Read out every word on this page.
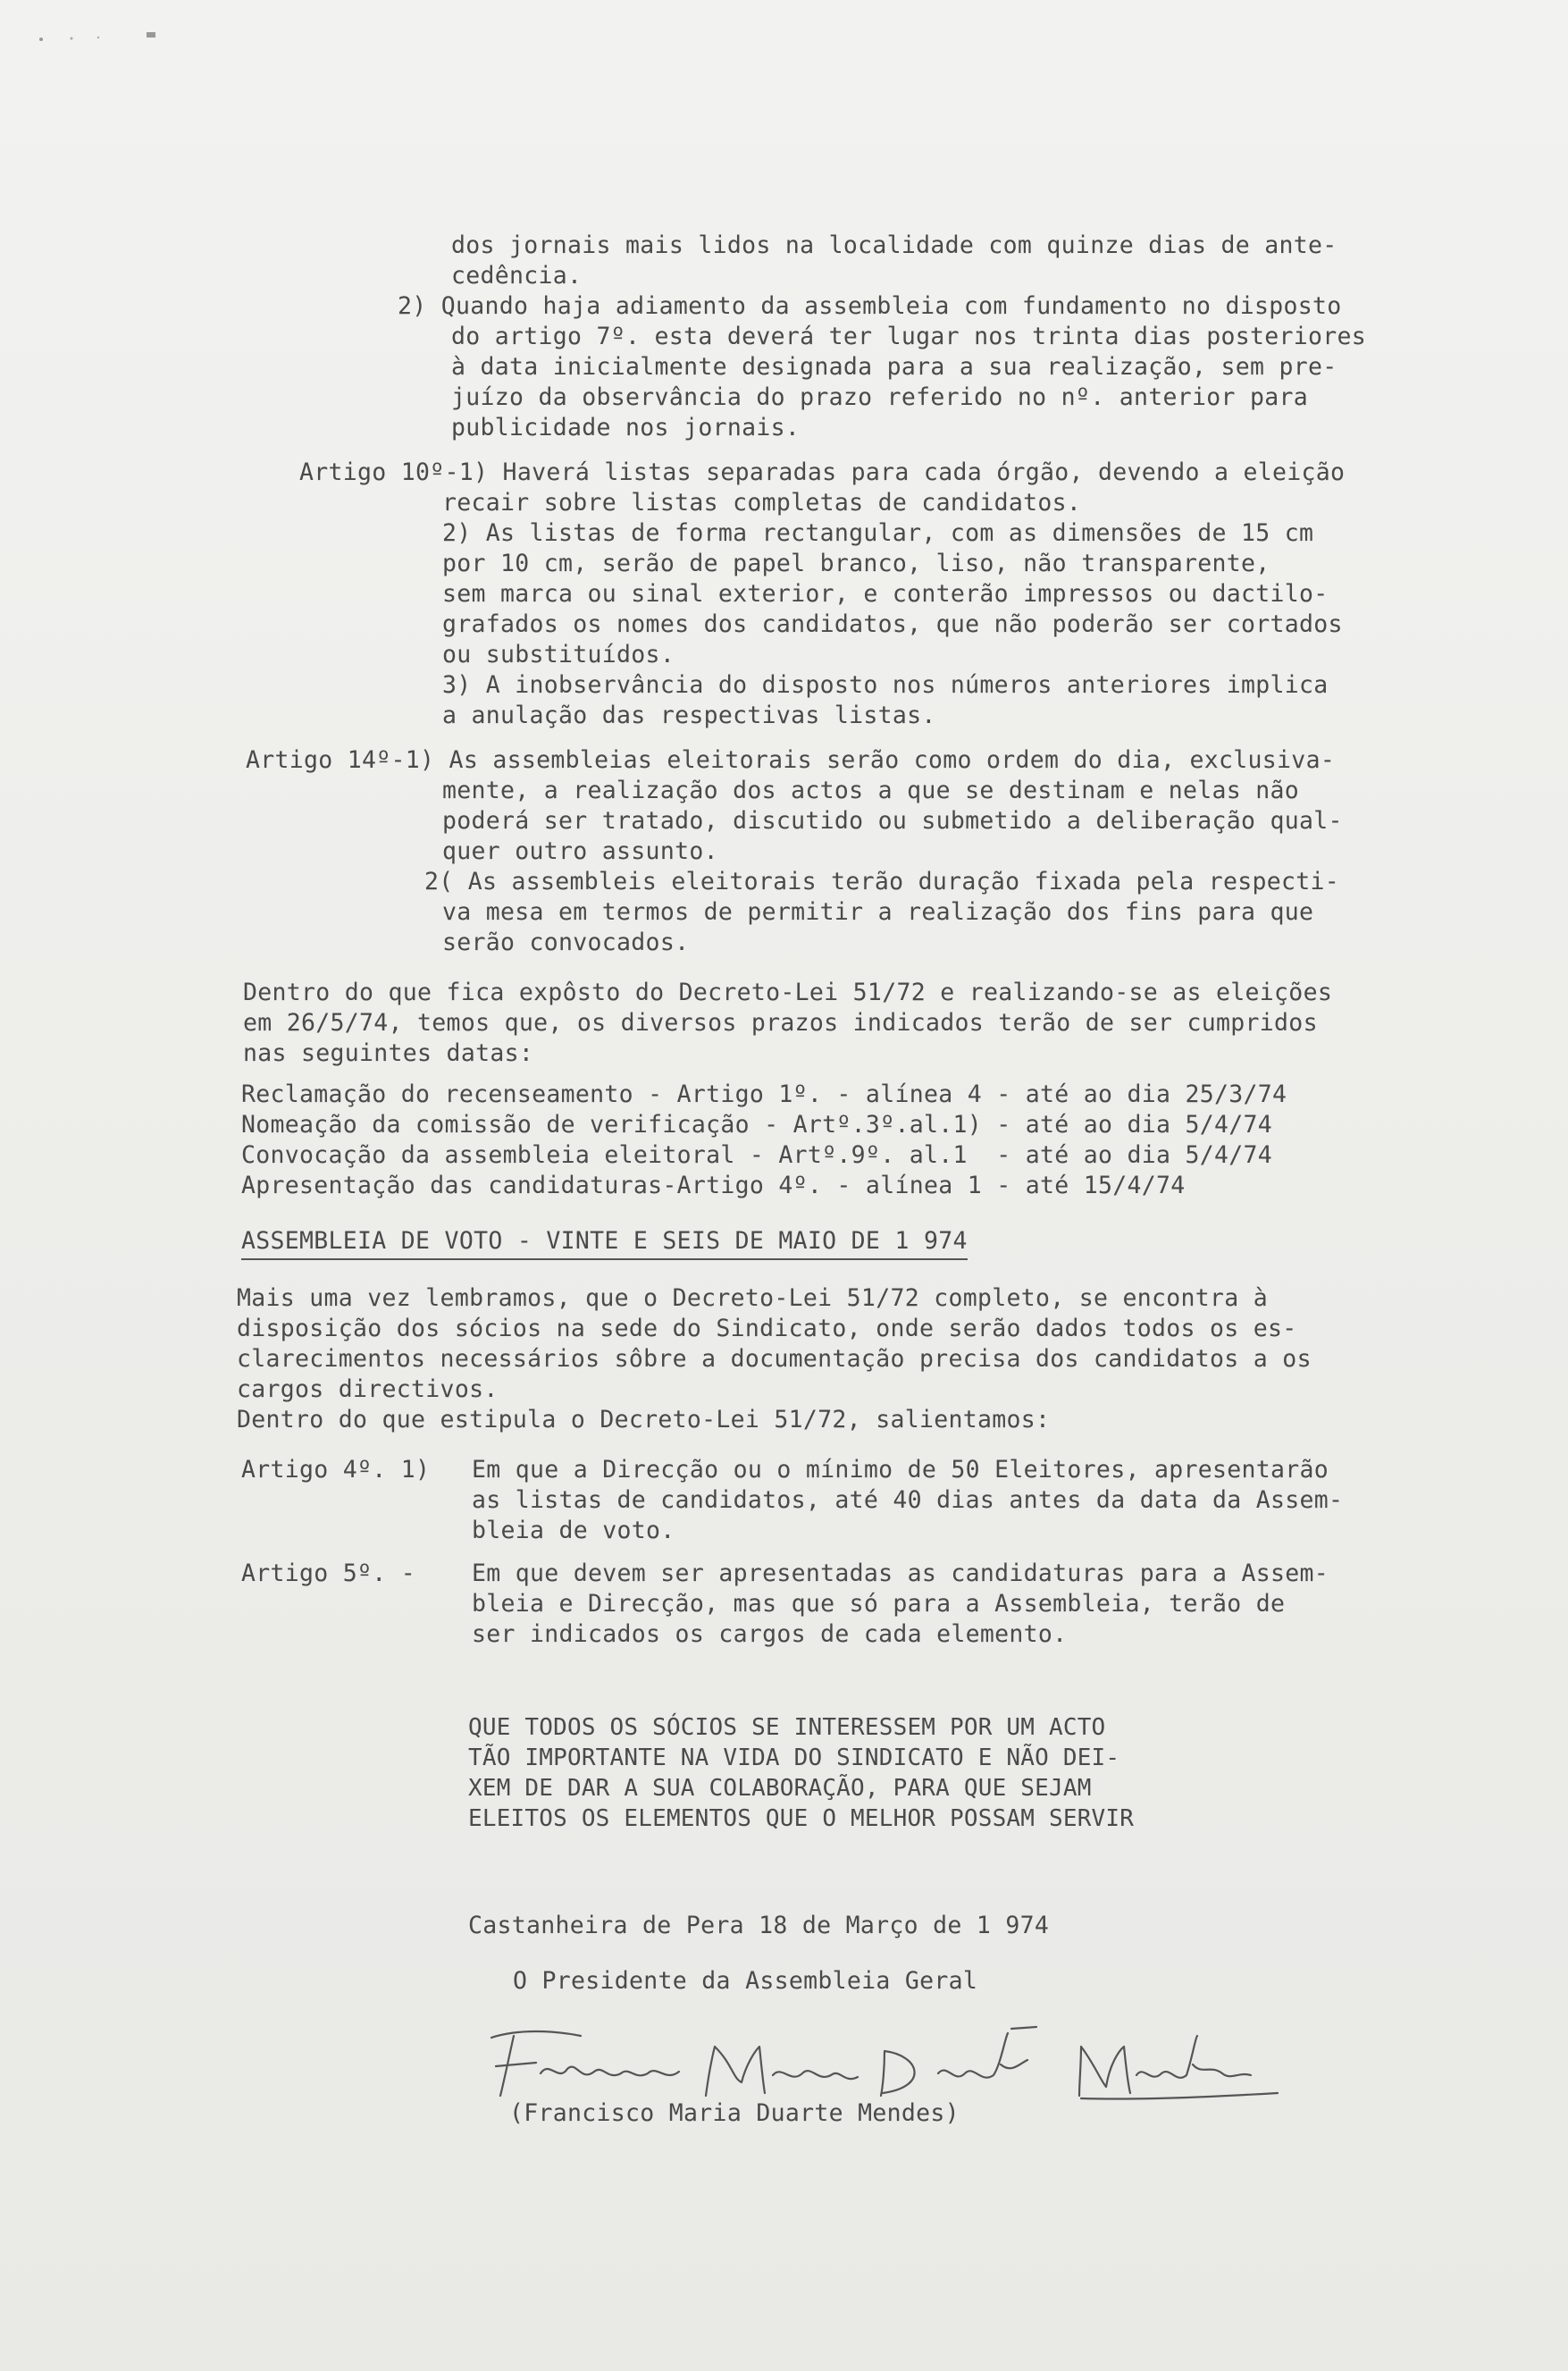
dos jornais mais lidos na localidade com quinze dias de ante-

cedência.

2) Quando haja adiamento da assembleia com fundamento no disposto

do artigo 7º. esta deverá ter lugar nos trinta dias posteriores

à data inicialmente designada para a sua realização, sem pre-

juízo da observância do prazo referido no nº. anterior para

publicidade nos jornais.

Artigo 10º-1) Haverá listas separadas para cada órgão, devendo a eleição

recair sobre listas completas de candidatos.

2) As listas de forma rectangular, com as dimensões de 15 cm

por 10 cm, serão de papel branco, liso, não transparente,

sem marca ou sinal exterior, e conterão impressos ou dactilo-

grafados os nomes dos candidatos, que não poderão ser cortados

ou substituídos.

3) A inobservância do disposto nos números anteriores implica

a anulação das respectivas listas.

Artigo 14º-1) As assembleias eleitorais serão como ordem do dia, exclusiva-

mente, a realização dos actos a que se destinam e nelas não

poderá ser tratado, discutido ou submetido a deliberação qual-

quer outro assunto.

2( As assembleis eleitorais terão duração fixada pela respecti-

va mesa em termos de permitir a realização dos fins para que

serão convocados.

Dentro do que fica expôsto do Decreto-Lei 51/72 e realizando-se as eleições

em 26/5/74, temos que, os diversos prazos indicados terão de ser cumpridos

nas seguintes datas:

Reclamação do recenseamento - Artigo 1º. - alínea 4 - até ao dia 25/3/74

Nomeação da comissão de verificação - Artº.3º.al.1) - até ao dia 5/4/74

Convocação da assembleia eleitoral - Artº.9º. al.1  - até ao dia 5/4/74

Apresentação das candidaturas-Artigo 4º. - alínea 1 - até 15/4/74

ASSEMBLEIA DE VOTO - VINTE E SEIS DE MAIO DE 1 974

Mais uma vez lembramos, que o Decreto-Lei 51/72 completo, se encontra à

disposição dos sócios na sede do Sindicato, onde serão dados todos os es-

clarecimentos necessários sôbre a documentação precisa dos candidatos a os

cargos directivos.

Dentro do que estipula o Decreto-Lei 51/72, salientamos:

Artigo 4º. 1) Em que a Direcção ou o mínimo de 50 Eleitores, apresentarão

as listas de candidatos, até 40 dias antes da data da Assem-

bleia de voto.

Artigo 5º. - Em que devem ser apresentadas as candidaturas para a Assem-

bleia e Direcção, mas que só para a Assembleia, terão de

ser indicados os cargos de cada elemento.

QUE TODOS OS SÓCIOS SE INTERESSEM POR UM ACTO

TÃO IMPORTANTE NA VIDA DO SINDICATO E NÃO DEI-

XEM DE DAR A SUA COLABORAÇÃO, PARA QUE SEJAM

ELEITOS OS ELEMENTOS QUE O MELHOR POSSAM SERVIR

Castanheira de Pera 18 de Março de 1 974

O Presidente da Assembleia Geral

(Francisco Maria Duarte Mendes)
